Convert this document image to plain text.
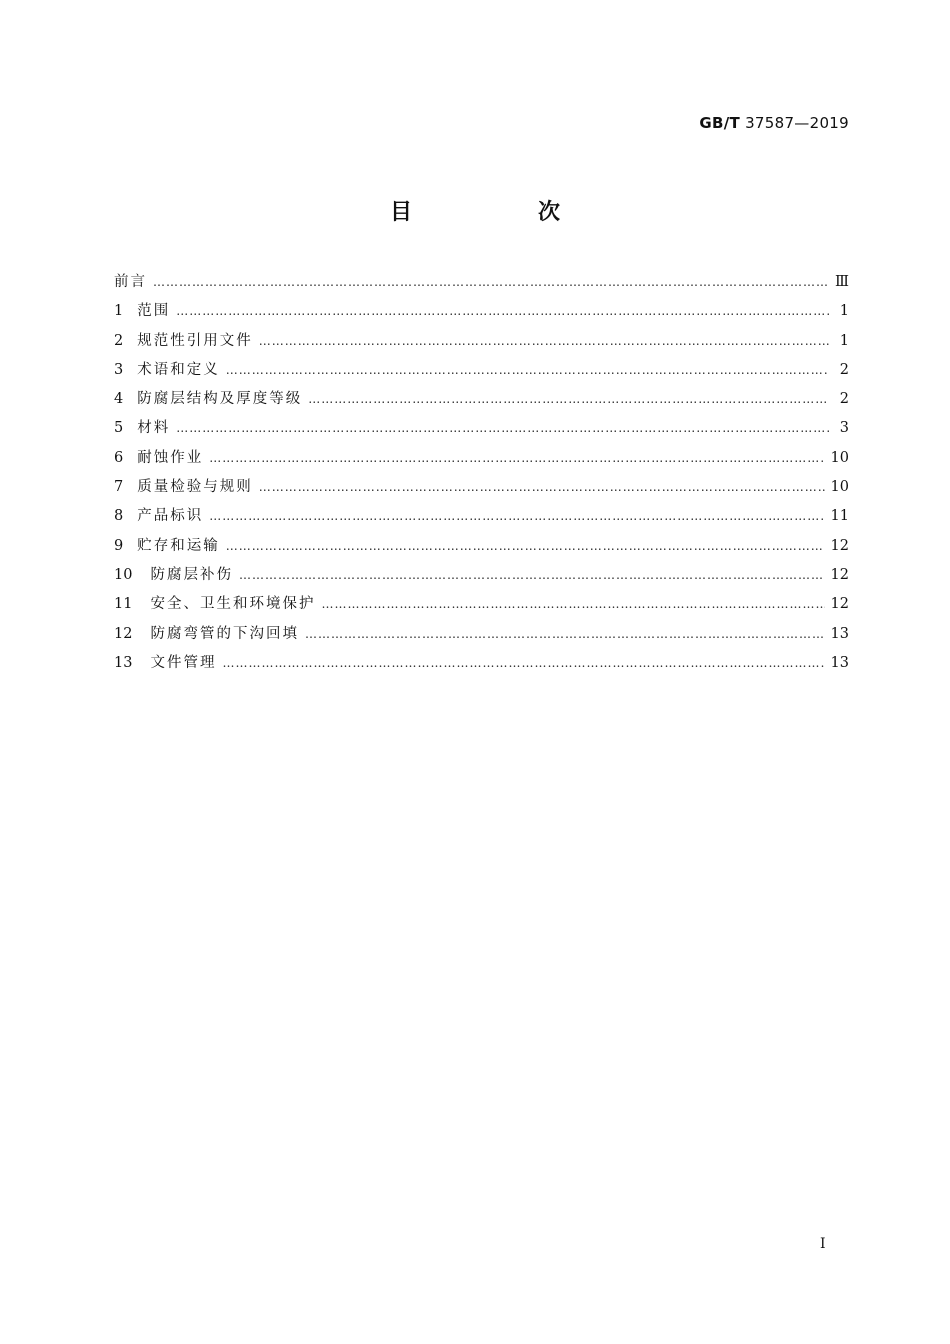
GB/T 37587—2019
目　次
前言 …………………………………………………………………………………………………………………………………………………………………………………………	Ⅲ
1 范围 …………………………………………………………………………………………………………………………………………………………………………………………	1
2 规范性引用文件 …………………………………………………………………………………………………………………………………………………………………………………………	1
3 术语和定义 …………………………………………………………………………………………………………………………………………………………………………………………	2
4 防腐层结构及厚度等级 …………………………………………………………………………………………………………………………………………………………………………………………	2
5 材料 …………………………………………………………………………………………………………………………………………………………………………………………	3
6 耐蚀作业 …………………………………………………………………………………………………………………………………………………………………………………………	10
7 质量检验与规则 …………………………………………………………………………………………………………………………………………………………………………………………	10
8 产品标识 …………………………………………………………………………………………………………………………………………………………………………………………	11
9 贮存和运输 …………………………………………………………………………………………………………………………………………………………………………………………	12
10 防腐层补伤 …………………………………………………………………………………………………………………………………………………………………………………………	12
11 安全、卫生和环境保护 …………………………………………………………………………………………………………………………………………………………………………………………	12
12 防腐弯管的下沟回填 …………………………………………………………………………………………………………………………………………………………………………………………	13
13 文件管理 …………………………………………………………………………………………………………………………………………………………………………………………	13
I
